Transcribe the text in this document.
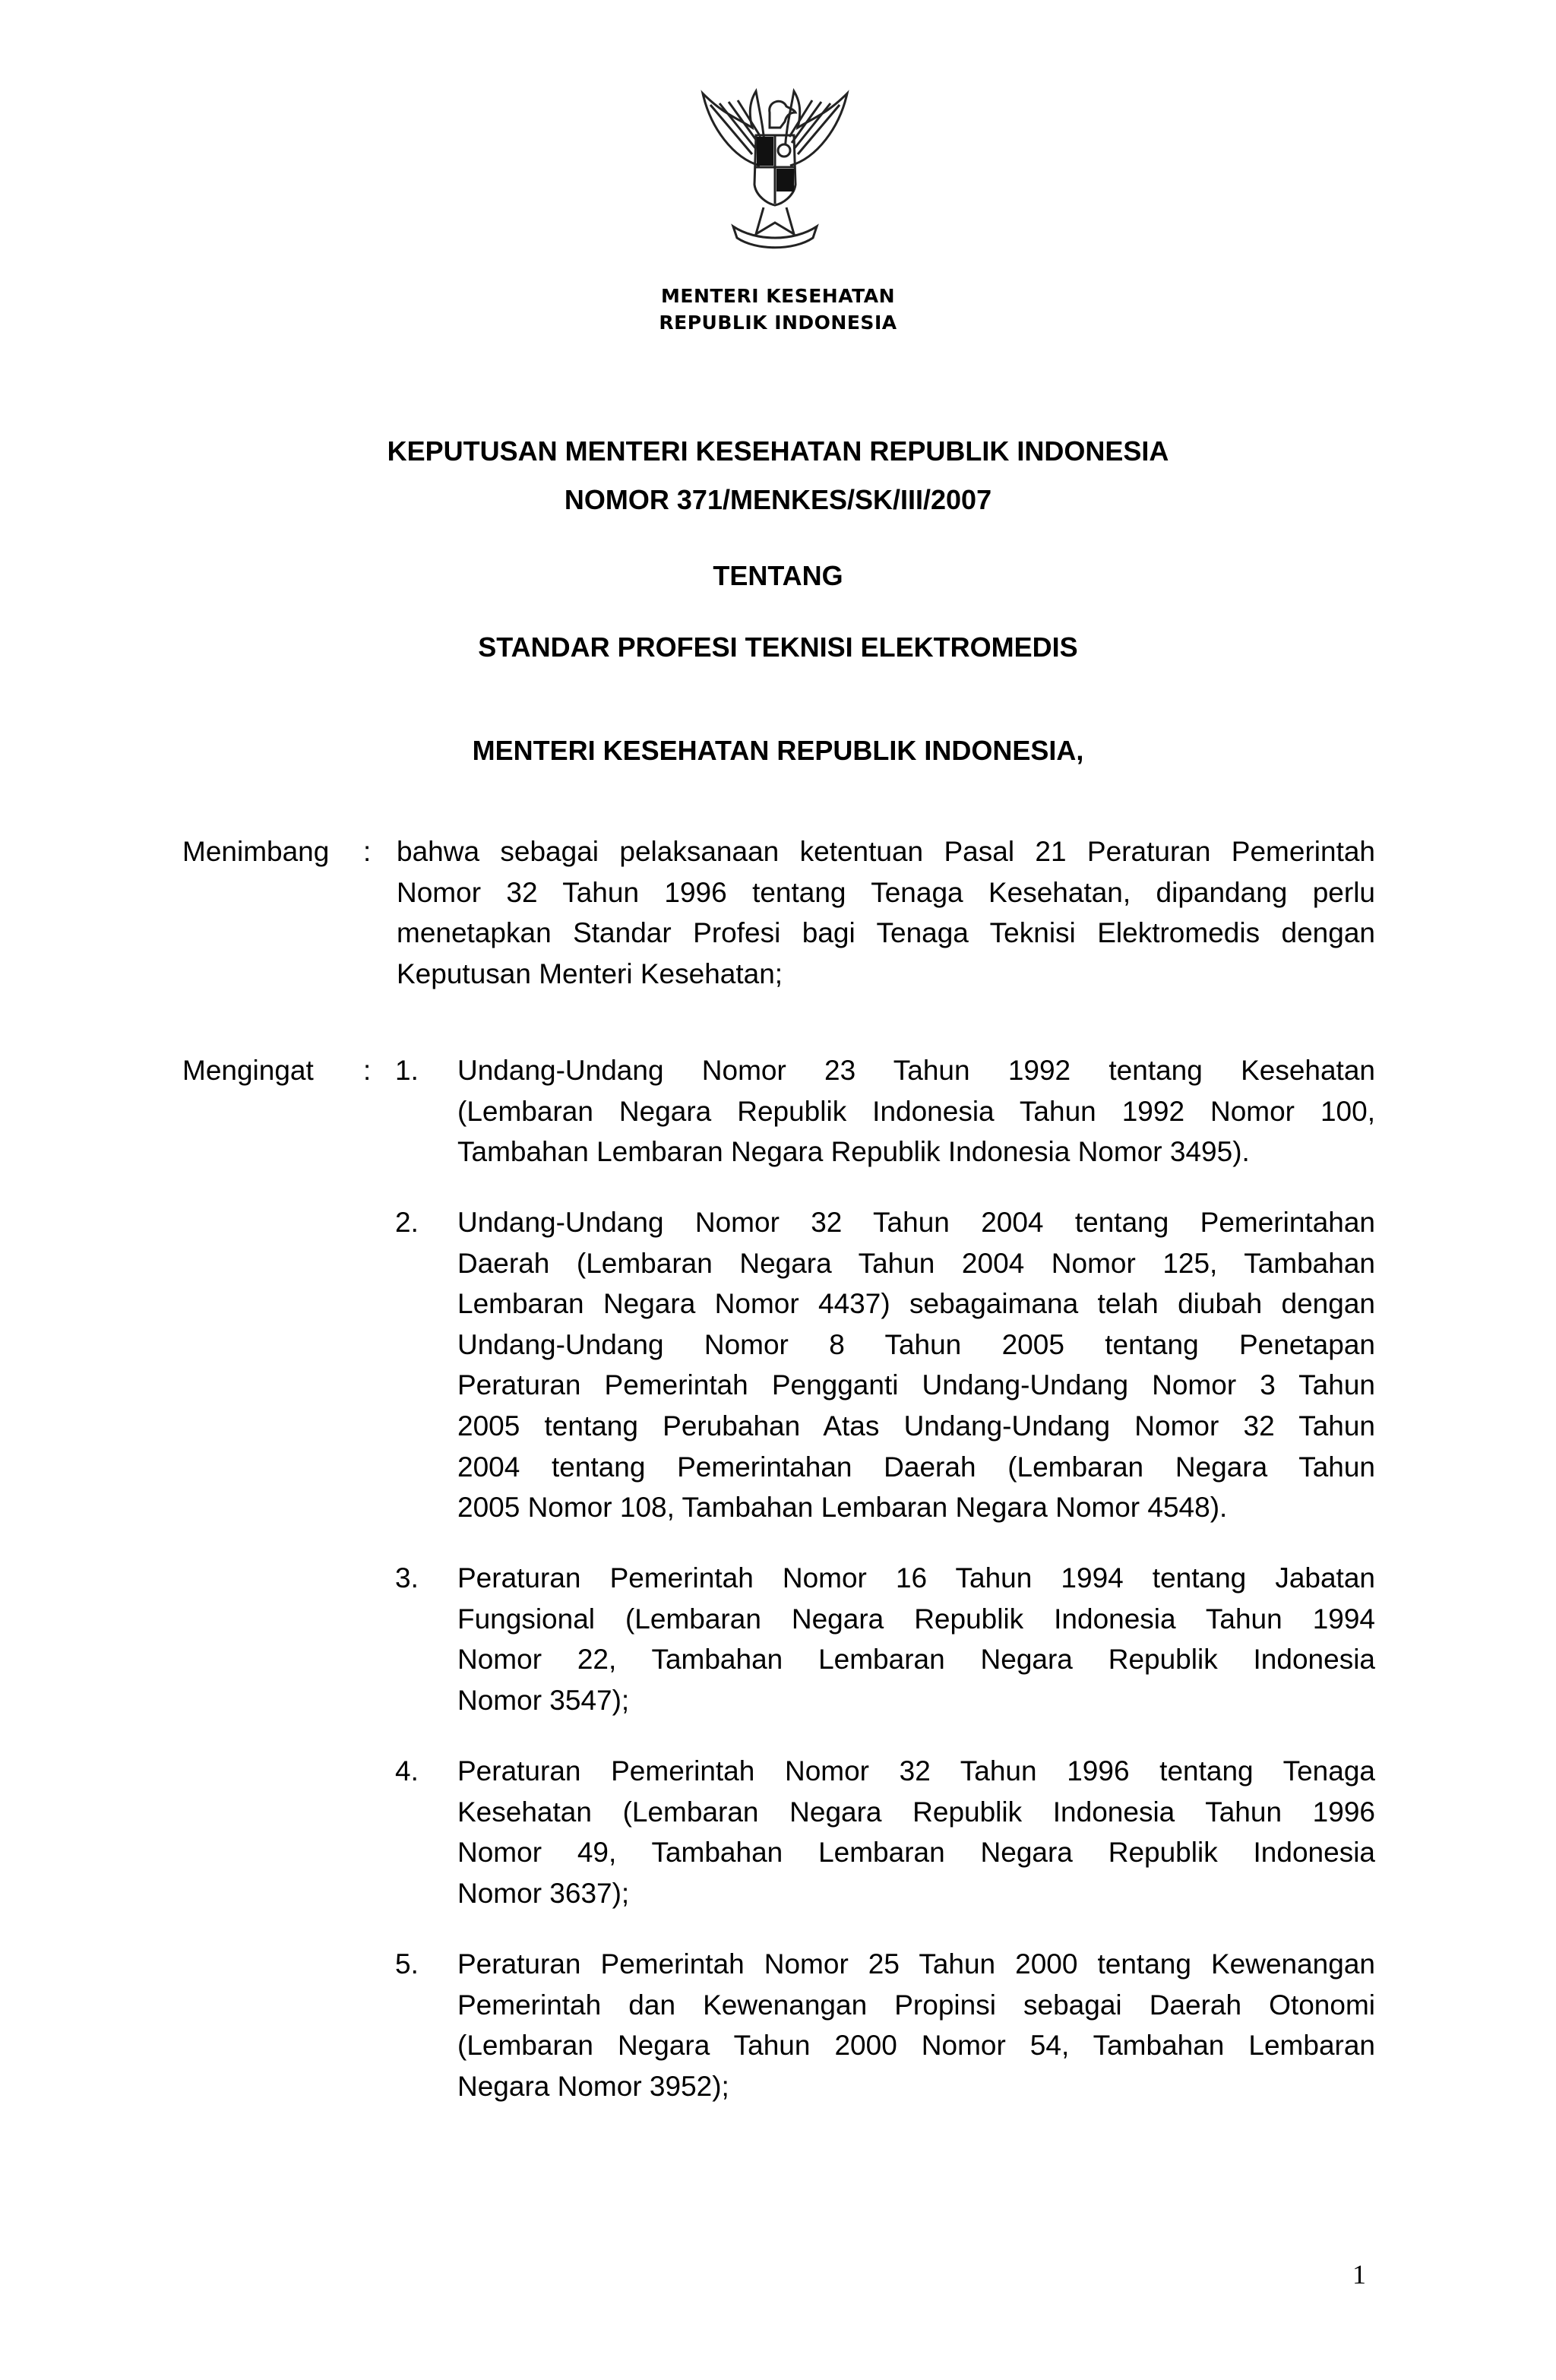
MENTERI KESEHATAN
REPUBLIK INDONESIA
KEPUTUSAN MENTERI KESEHATAN REPUBLIK INDONESIA
NOMOR 371/MENKES/SK/III/2007
TENTANG
STANDAR PROFESI TEKNISI ELEKTROMEDIS
MENTERI KESEHATAN REPUBLIK INDONESIA,
Menimbang : bahwa sebagai pelaksanaan ketentuan Pasal 21 Peraturan Pemerintah
Nomor 32 Tahun 1996 tentang Tenaga Kesehatan, dipandang perlu
menetapkan Standar Profesi bagi Tenaga Teknisi Elektromedis dengan
Keputusan Menteri Kesehatan;
Mengingat : 1. Undang-Undang Nomor 23 Tahun 1992 tentang Kesehatan
(Lembaran Negara Republik Indonesia Tahun 1992 Nomor 100,
Tambahan Lembaran Negara Republik Indonesia Nomor 3495).
2. Undang-Undang Nomor 32 Tahun 2004 tentang Pemerintahan
Daerah (Lembaran Negara Tahun 2004 Nomor 125, Tambahan
Lembaran Negara Nomor 4437) sebagaimana telah diubah dengan
Undang-Undang Nomor 8 Tahun 2005 tentang Penetapan
Peraturan Pemerintah Pengganti Undang-Undang Nomor 3 Tahun
2005 tentang Perubahan Atas Undang-Undang Nomor 32 Tahun
2004 tentang Pemerintahan Daerah (Lembaran Negara Tahun
2005 Nomor 108, Tambahan Lembaran Negara Nomor 4548).
3. Peraturan Pemerintah Nomor 16 Tahun 1994 tentang Jabatan
Fungsional (Lembaran Negara Republik Indonesia Tahun 1994
Nomor 22, Tambahan Lembaran Negara Republik Indonesia
Nomor 3547);
4. Peraturan Pemerintah Nomor 32 Tahun 1996 tentang Tenaga
Kesehatan (Lembaran Negara Republik Indonesia Tahun 1996
Nomor 49, Tambahan Lembaran Negara Republik Indonesia
Nomor 3637);
5. Peraturan Pemerintah Nomor 25 Tahun 2000 tentang Kewenangan
Pemerintah dan Kewenangan Propinsi sebagai Daerah Otonomi
(Lembaran Negara Tahun 2000 Nomor 54, Tambahan Lembaran
Negara Nomor 3952);
1
